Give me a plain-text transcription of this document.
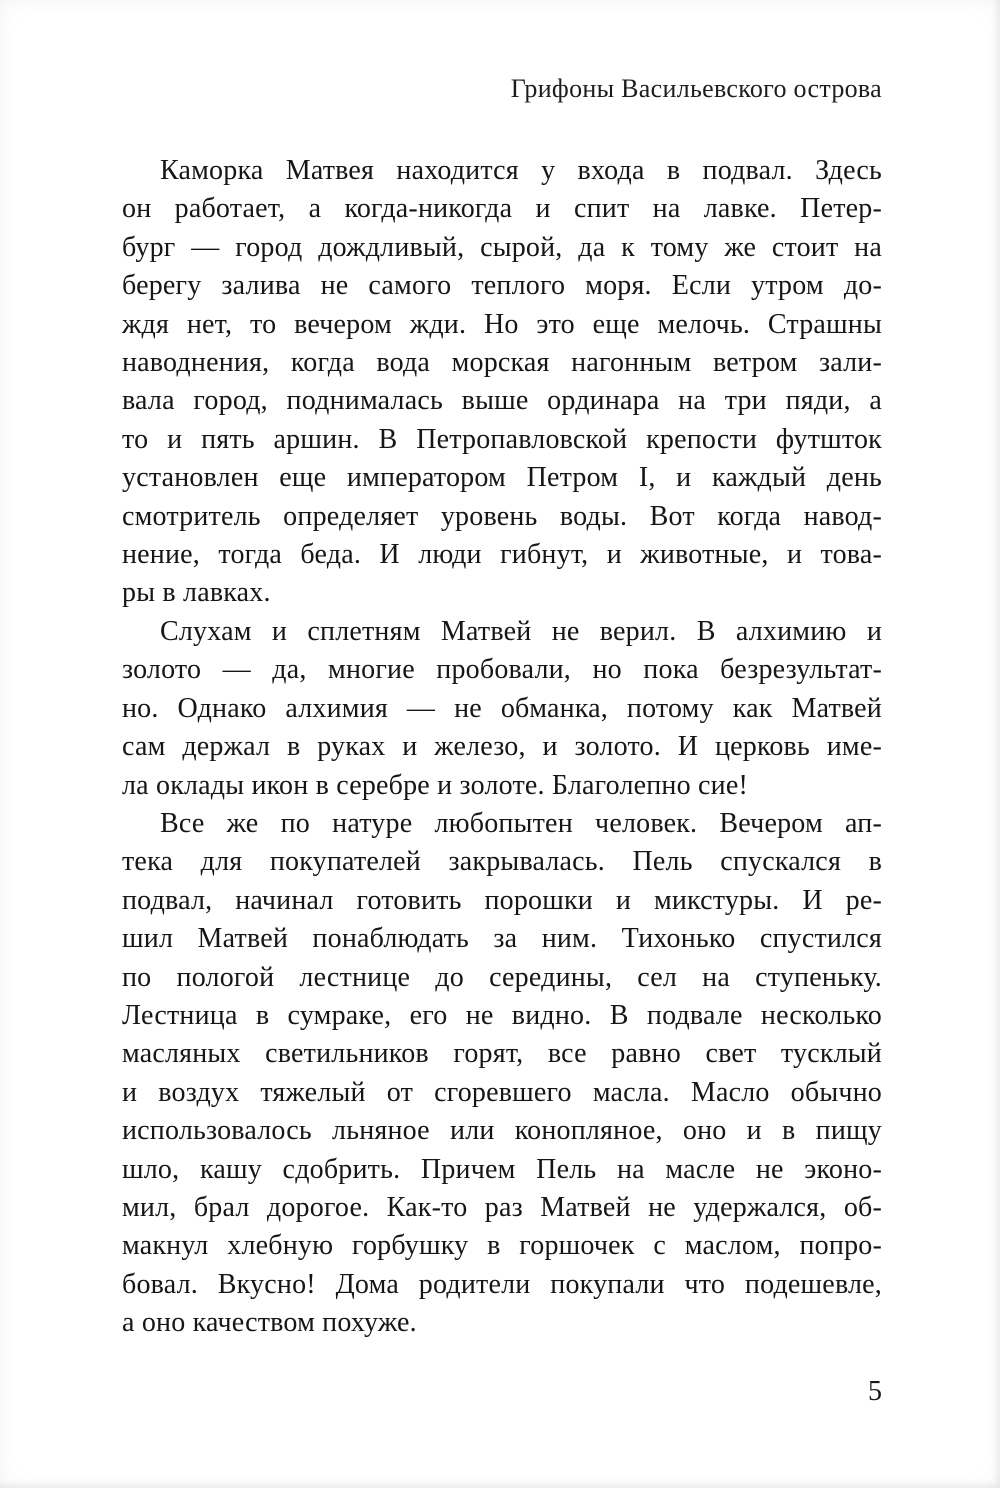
Грифоны Васильевского острова
Каморка Матвея находится у входа в подвал. Здесь
он работает, а когда-никогда и спит на лавке. Петер-
бург — город дождливый, сырой, да к тому же стоит на
берегу залива не самого теплого моря. Если утром до-
ждя нет, то вечером жди. Но это еще мелочь. Страшны
наводнения, когда вода морская нагонным ветром зали-
вала город, поднималась выше ординара на три пяди, а
то и пять аршин. В Петропавловской крепости футшток
установлен еще императором Петром I, и каждый день
смотритель определяет уровень воды. Вот когда навод-
нение, тогда беда. И люди гибнут, и животные, и това-
ры в лавках.
Слухам и сплетням Матвей не верил. В алхимию и
золото — да, многие пробовали, но пока безрезультат-
но. Однако алхимия — не обманка, потому как Матвей
сам держал в руках и железо, и золото. И церковь име-
ла оклады икон в серебре и золоте. Благолепно сие!
Все же по натуре любопытен человек. Вечером ап-
тека для покупателей закрывалась. Пель спускался в
подвал, начинал готовить порошки и микстуры. И ре-
шил Матвей понаблюдать за ним. Тихонько спустился
по пологой лестнице до середины, сел на ступеньку.
Лестница в сумраке, его не видно. В подвале несколько
масляных светильников горят, все равно свет тусклый
и воздух тяжелый от сгоревшего масла. Масло обычно
использовалось льняное или конопляное, оно и в пищу
шло, кашу сдобрить. Причем Пель на масле не эконо-
мил, брал дорогое. Как-то раз Матвей не удержался, об-
макнул хлебную горбушку в горшочек с маслом, попро-
бовал. Вкусно! Дома родители покупали что подешевле,
а оно качеством похуже.
5
